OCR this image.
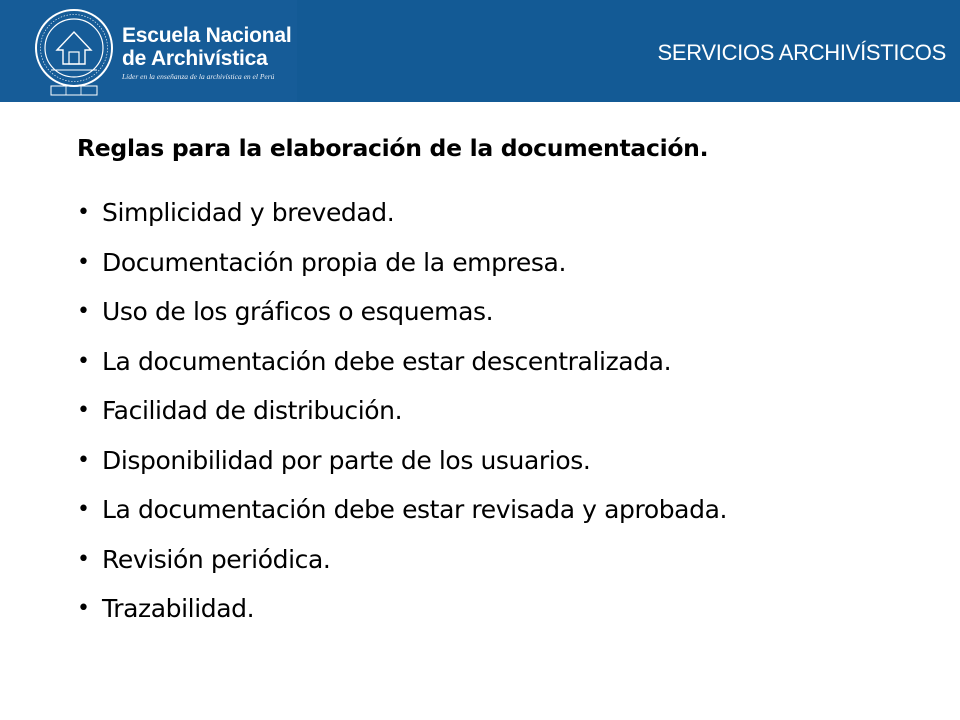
Escuela Nacional
de Archivística
Líder en la enseñanza de la archivística en el Perú
SERVICIOS ARCHIVÍSTICOS
Reglas para la elaboración de la documentación.
• Simplicidad y brevedad.
• Documentación propia de la empresa.
• Uso de los gráficos o esquemas.
• La documentación debe estar descentralizada.
• Facilidad de distribución.
• Disponibilidad por parte de los usuarios.
• La documentación debe estar revisada y aprobada.
• Revisión periódica.
• Trazabilidad.
